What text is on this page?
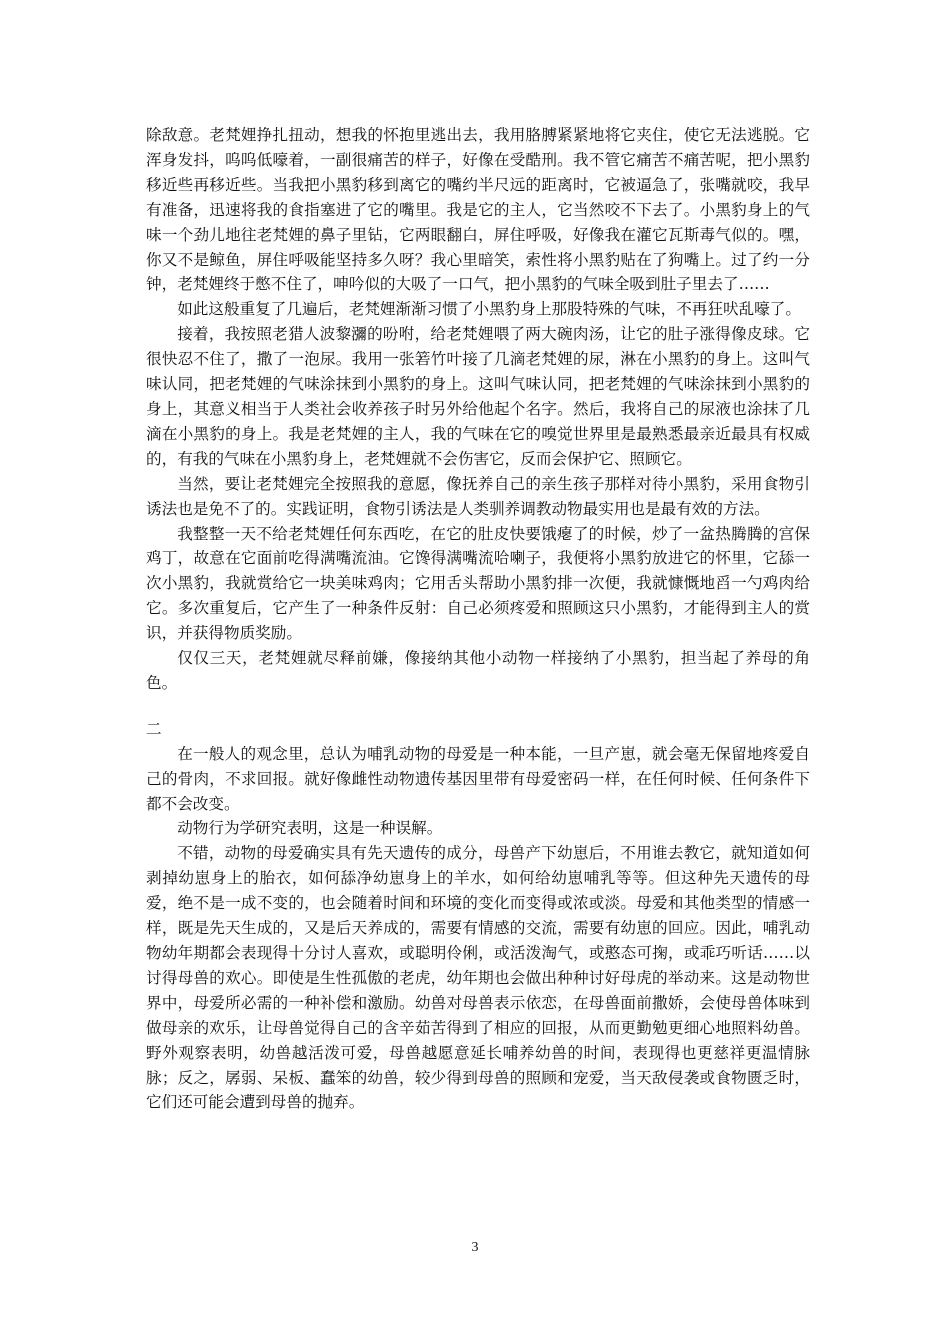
除敌意。老梵娌挣扎扭动，想我的怀抱里逃出去，我用胳膊紧紧地将它夹住，使它无法逃脱。它浑身发抖，呜呜低嚎着，一副很痛苦的样子，好像在受酷刑。我不管它痛苦不痛苦呢，把小黑豹移近些再移近些。当我把小黑豹移到离它的嘴约半尺远的距离时，它被逼急了，张嘴就咬，我早有准备，迅速将我的食指塞进了它的嘴里。我是它的主人，它当然咬不下去了。小黑豹身上的气味一个劲儿地往老梵娌的鼻子里钻，它两眼翻白，屏住呼吸，好像我在灌它瓦斯毒气似的。嘿，你又不是鲸鱼，屏住呼吸能坚持多久呀？我心里暗笑，索性将小黑豹贴在了狗嘴上。过了约一分钟，老梵娌终于憋不住了，呻吟似的大吸了一口气，把小黑豹的气味全吸到肚子里去了……

如此这般重复了几遍后，老梵娌渐渐习惯了小黑豹身上那股特殊的气味，不再狂吠乱嚎了。

接着，我按照老猎人波黎瀰的吩咐，给老梵娌喂了两大碗肉汤，让它的肚子涨得像皮球。它很快忍不住了，撒了一泡尿。我用一张箬竹叶接了几滴老梵娌的尿，淋在小黑豹的身上。这叫气味认同，把老梵娌的气味涂抹到小黑豹的身上。这叫气味认同，把老梵娌的气味涂抹到小黑豹的身上，其意义相当于人类社会收养孩子时另外给他起个名字。然后，我将自己的尿液也涂抹了几滴在小黑豹的身上。我是老梵娌的主人，我的气味在它的嗅觉世界里是最熟悉最亲近最具有权威的，有我的气味在小黑豹身上，老梵娌就不会伤害它，反而会保护它、照顾它。

当然，要让老梵娌完全按照我的意愿，像抚养自己的亲生孩子那样对待小黑豹，采用食物引诱法也是免不了的。实践证明，食物引诱法是人类驯养调教动物最实用也是最有效的方法。

我整整一天不给老梵娌任何东西吃，在它的肚皮快要饿瘪了的时候，炒了一盆热腾腾的宫保鸡丁，故意在它面前吃得满嘴流油。它馋得满嘴流哈喇子，我便将小黑豹放进它的怀里，它舔一次小黑豹，我就赏给它一块美味鸡肉；它用舌头帮助小黑豹排一次便，我就慷慨地舀一勺鸡肉给它。多次重复后，它产生了一种条件反射：自己必须疼爱和照顾这只小黑豹，才能得到主人的赏识，并获得物质奖励。

仅仅三天，老梵娌就尽释前嫌，像接纳其他小动物一样接纳了小黑豹，担当起了养母的角色。

二

在一般人的观念里，总认为哺乳动物的母爱是一种本能，一旦产崽，就会毫无保留地疼爱自己的骨肉，不求回报。就好像雌性动物遗传基因里带有母爱密码一样，在任何时候、任何条件下都不会改变。

动物行为学研究表明，这是一种误解。

不错，动物的母爱确实具有先天遗传的成分，母兽产下幼崽后，不用谁去教它，就知道如何剥掉幼崽身上的胎衣，如何舔净幼崽身上的羊水，如何给幼崽哺乳等等。但这种先天遗传的母爱，绝不是一成不变的，也会随着时间和环境的变化而变得或浓或淡。母爱和其他类型的情感一样，既是先天生成的，又是后天养成的，需要有情感的交流，需要有幼崽的回应。因此，哺乳动物幼年期都会表现得十分讨人喜欢，或聪明伶俐，或活泼淘气，或憨态可掬，或乖巧听话……以讨得母兽的欢心。即使是生性孤傲的老虎，幼年期也会做出种种讨好母虎的举动来。这是动物世界中，母爱所必需的一种补偿和激励。幼兽对母兽表示依恋，在母兽面前撒娇，会使母兽体味到做母亲的欢乐，让母兽觉得自己的含辛茹苦得到了相应的回报，从而更勤勉更细心地照料幼兽。野外观察表明，幼兽越活泼可爱，母兽越愿意延长哺养幼兽的时间，表现得也更慈祥更温情脉脉；反之，孱弱、呆板、蠢笨的幼兽，较少得到母兽的照顾和宠爱，当天敌侵袭或食物匮乏时，它们还可能会遭到母兽的抛弃。

3
